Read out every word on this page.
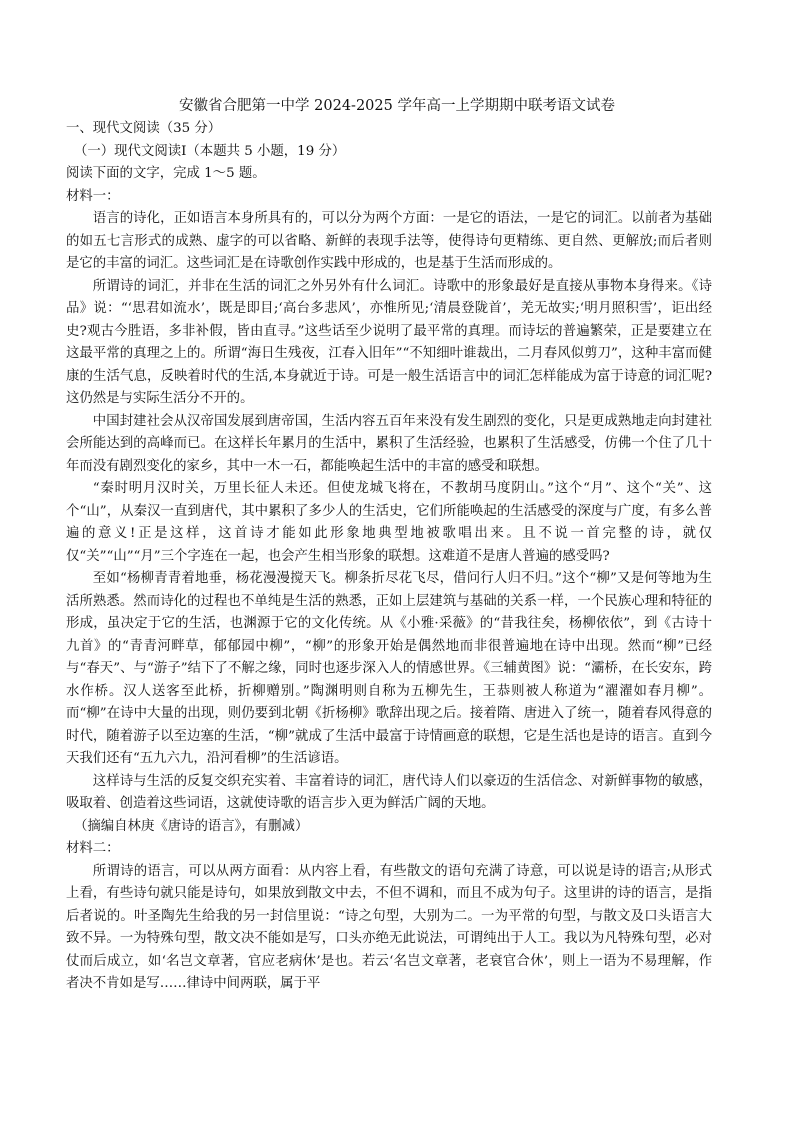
安徽省合肥第一中学 2024-2025 学年高一上学期期中联考语文试卷

一、现代文阅读（35 分）

（一）现代文阅读Ⅰ（本题共 5 小题，19 分）

阅读下面的文字，完成 1～5 题。

材料一：

语言的诗化，正如语言本身所具有的，可以分为两个方面：一是它的语法，一是它的词汇。以前者为基础的如五七言形式的成熟、虚字的可以省略、新鲜的表现手法等，使得诗句更精练、更自然、更解放;而后者则是它的丰富的词汇。这些词汇是在诗歌创作实践中形成的，也是基于生活而形成的。

所谓诗的词汇，并非在生活的词汇之外另外有什么词汇。诗歌中的形象最好是直接从事物本身得来。《诗品》说：“‘思君如流水’，既是即目;‘高台多悲风’，亦惟所见;‘清晨登陇首’，羌无故实;‘明月照积雪’，讵出经史?观古今胜语，多非补假，皆由直寻。”这些话至少说明了最平常的真理。而诗坛的普遍繁荣，正是要建立在这最平常的真理之上的。所谓“海日生残夜，江春入旧年”“不知细叶谁裁出，二月春风似剪刀”，这种丰富而健康的生活气息，反映着时代的生活,本身就近于诗。可是一般生活语言中的词汇怎样能成为富于诗意的词汇呢?这仍然是与实际生活分不开的。

中国封建社会从汉帝国发展到唐帝国，生活内容五百年来没有发生剧烈的变化，只是更成熟地走向封建社会所能达到的高峰而已。在这样长年累月的生活中，累积了生活经验，也累积了生活感受，仿佛一个住了几十年而没有剧烈变化的家乡，其中一木一石，都能唤起生活中的丰富的感受和联想。

“秦时明月汉时关，万里长征人未还。但使龙城飞将在，不教胡马度阴山。”这个“月”、这个“关”、这个“山”，从秦汉一直到唐代，其中累积了多少人的生活史，它们所能唤起的生活感受的深度与广度，有多么普遍的意义!正是这样，这首诗才能如此形象地典型地被歌唱出来。且不说一首完整的诗，就仅仅“关”“山”“月”三个字连在一起，也会产生相当形象的联想。这难道不是唐人普遍的感受吗?

至如“杨柳青青着地垂，杨花漫漫搅天飞。柳条折尽花飞尽，借问行人归不归。”这个“柳”又是何等地为生活所熟悉。然而诗化的过程也不单纯是生活的熟悉，正如上层建筑与基础的关系一样，一个民族心理和特征的形成，虽决定于它的生活，也渊源于它的文化传统。从《小雅·采薇》的“昔我往矣，杨柳依依”，到《古诗十九首》的“青青河畔草，郁郁园中柳”，“柳”的形象开始是偶然地而非很普遍地在诗中出现。然而“柳”已经与“春天”、与“游子”结下了不解之缘，同时也逐步深入人的情感世界。《三辅黄图》说：“灞桥，在长安东，跨水作桥。汉人送客至此桥，折柳赠别。”陶渊明则自称为五柳先生，王恭则被人称道为“濯濯如春月柳”。而“柳”在诗中大量的出现，则仍要到北朝《折杨柳》歌辞出现之后。接着隋、唐进入了统一，随着春风得意的时代，随着游子以至边塞的生活，“柳”就成了生活中最富于诗情画意的联想，它是生活也是诗的语言。直到今天我们还有“五九六九，沿河看柳”的生活谚语。

这样诗与生活的反复交织充实着、丰富着诗的词汇，唐代诗人们以豪迈的生活信念、对新鲜事物的敏感，吸取着、创造着这些词语，这就使诗歌的语言步入更为鲜活广阔的天地。

（摘编自林庚《唐诗的语言》，有删减）

材料二：

所谓诗的语言，可以从两方面看：从内容上看，有些散文的语句充满了诗意，可以说是诗的语言;从形式上看，有些诗句就只能是诗句，如果放到散文中去，不但不调和，而且不成为句子。这里讲的诗的语言，是指后者说的。叶圣陶先生给我的另一封信里说：“诗之句型，大别为二。一为平常的句型，与散文及口头语言大致不异。一为特殊句型，散文决不能如是写，口头亦绝无此说法，可谓纯出于人工。我以为凡特殊句型，必对仗而后成立，如‘名岂文章著，官应老病休’是也。若云‘名岂文章著，老衰官合休’，则上一语为不易理解，作者决不肯如是写……律诗中间两联，属于平
